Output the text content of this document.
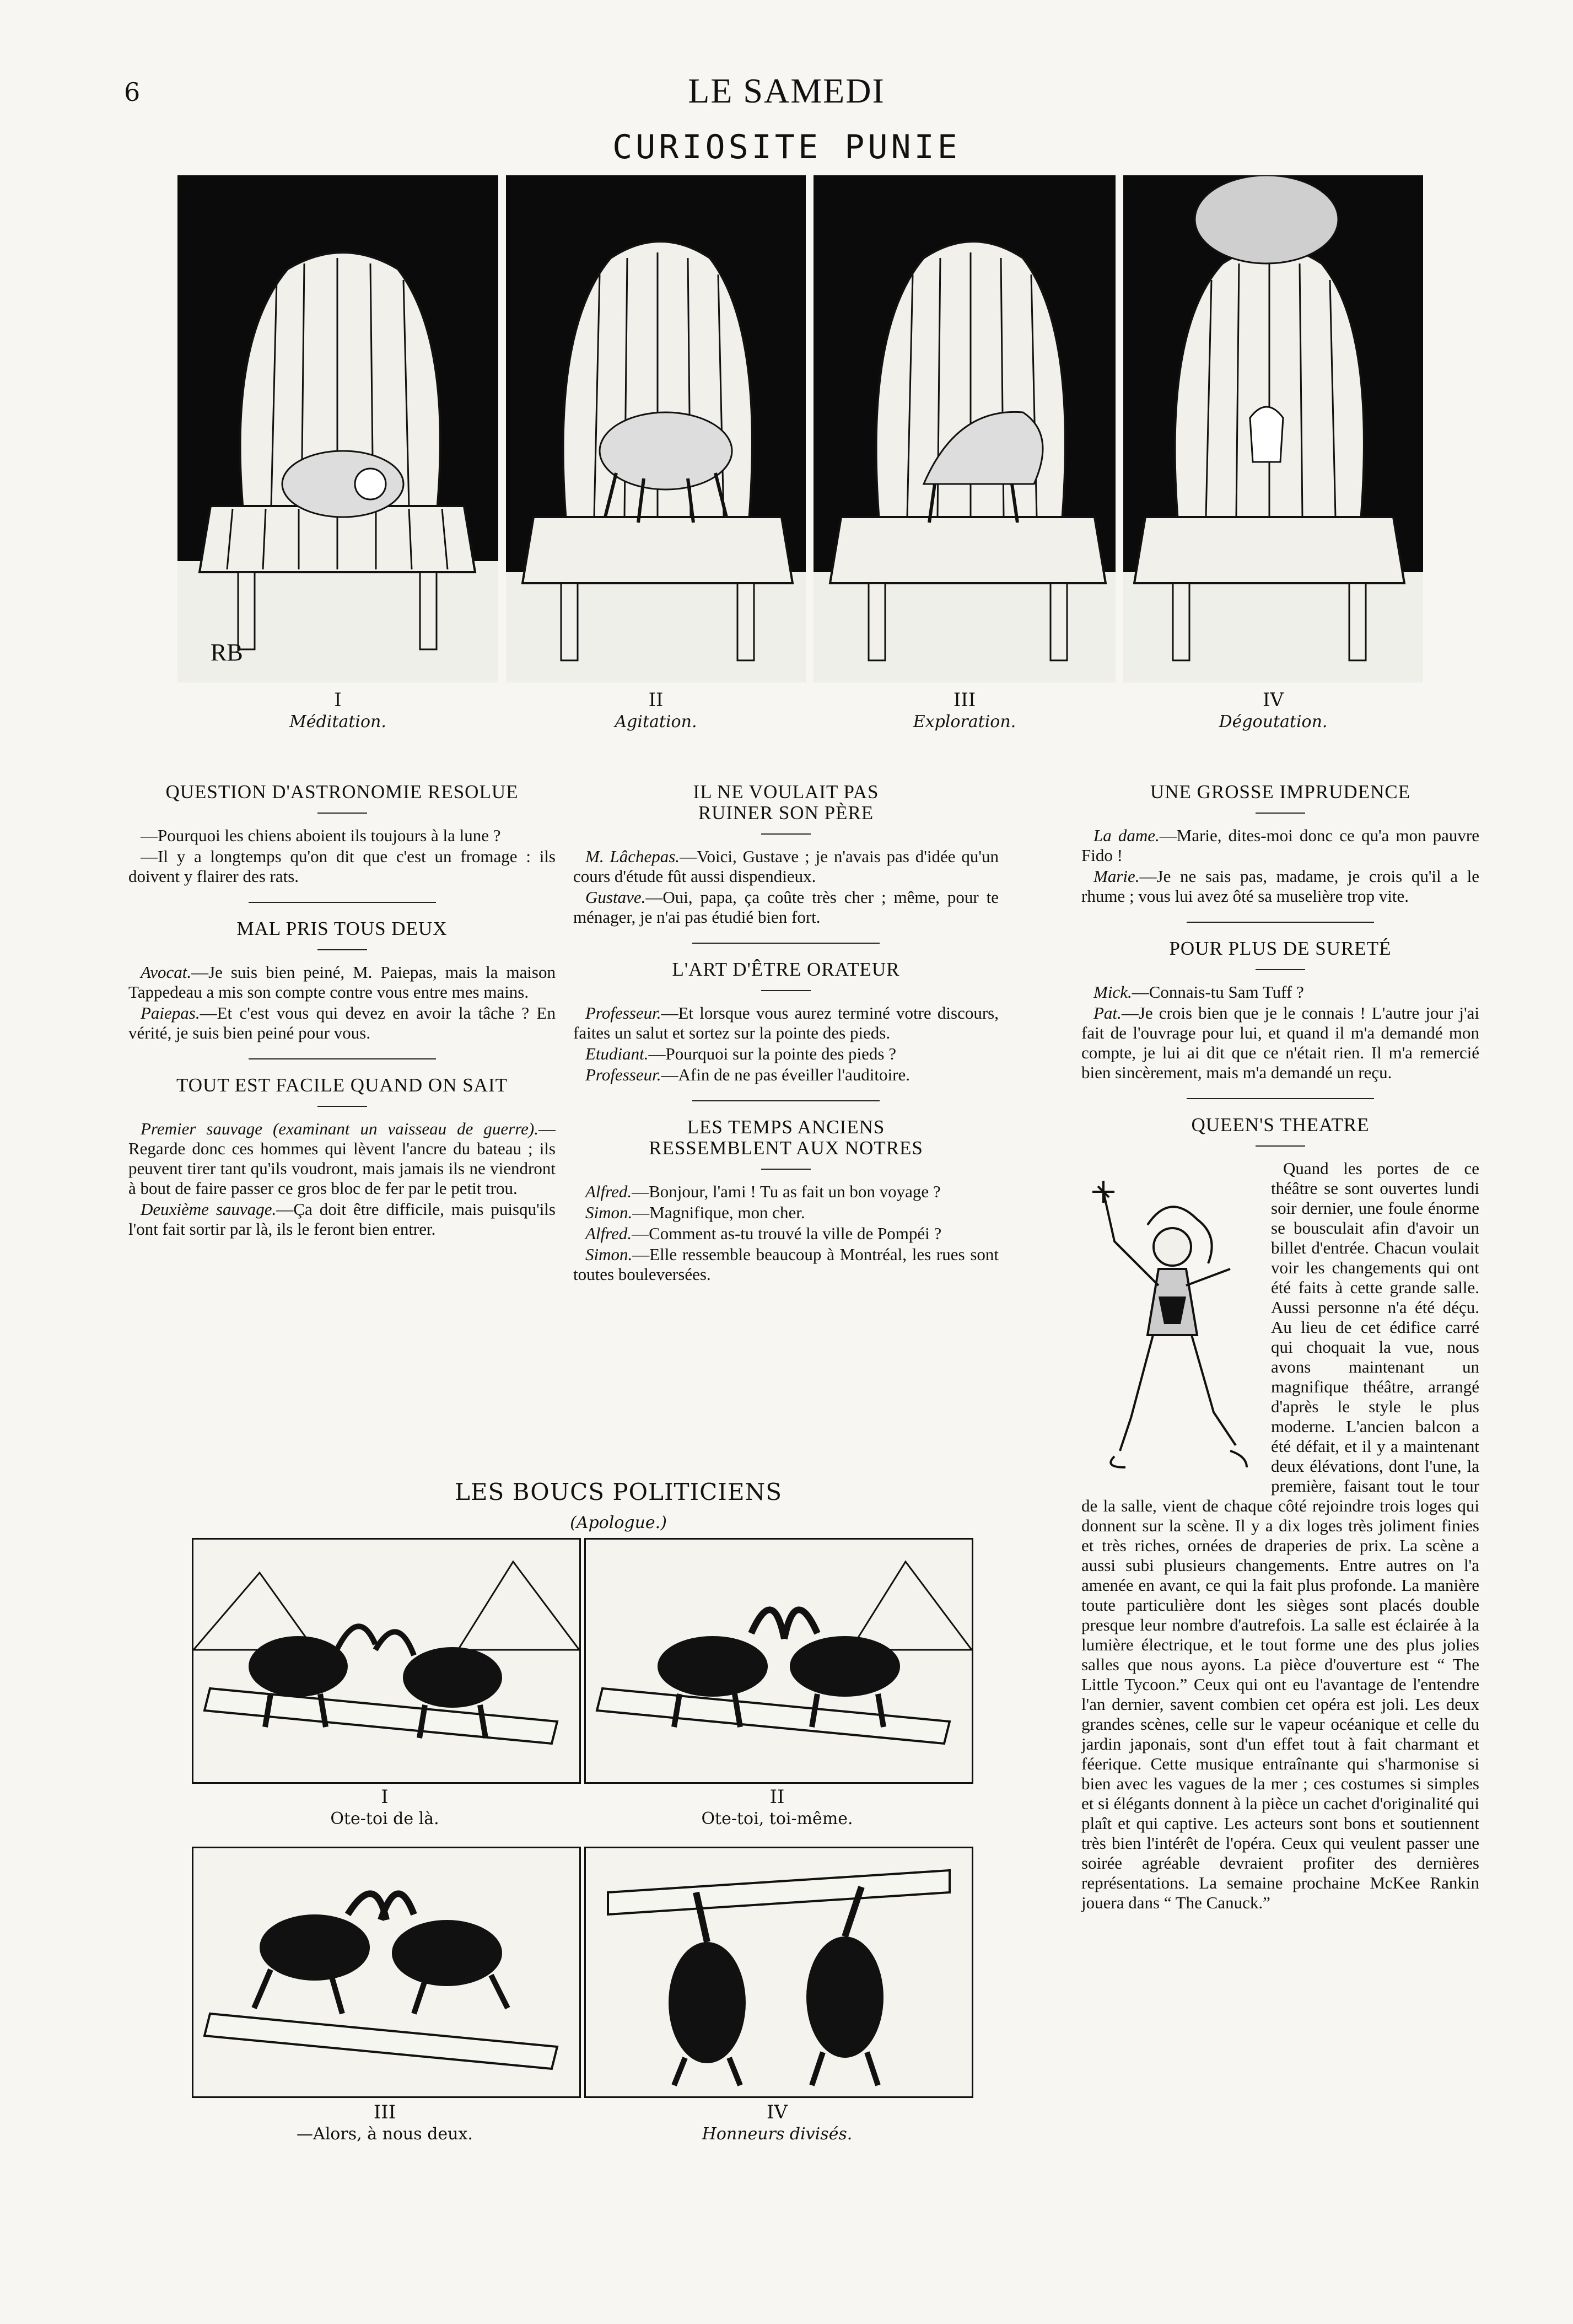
6	LE SAMEDI
CURIOSITE PUNIE
RB
I
Méditation.
II
Agitation.
III
Exploration.
IV
Dégoutation.
QUESTION D'ASTRONOMIE RESOLUE

—Pourquoi les chiens aboient ils toujours à la lune ?

—Il y a longtemps qu'on dit que c'est un fromage : ils doivent y flairer des rats.

MAL PRIS TOUS DEUX

Avocat.—Je suis bien peiné, M. Paiepas, mais la maison Tappedeau a mis son compte contre vous entre mes mains.

Paiepas.—Et c'est vous qui devez en avoir la tâche ? En vérité, je suis bien peiné pour vous.

TOUT EST FACILE QUAND ON SAIT

Premier sauvage (examinant un vaisseau de guerre).—Regarde donc ces hommes qui lèvent l'ancre du bateau ; ils peuvent tirer tant qu'ils voudront, mais jamais ils ne viendront à bout de faire passer ce gros bloc de fer par le petit trou.

Deuxième sauvage.—Ça doit être difficile, mais puisqu'ils l'ont fait sortir par là, ils le feront bien entrer.

IL NE VOULAIT PAS RUINER SON PÈRE

M. Lâchepas.—Voici, Gustave ; je n'avais pas d'idée qu'un cours d'étude fût aussi dispendieux.

Gustave.—Oui, papa, ça coûte très cher ; même, pour te ménager, je n'ai pas étudié bien fort.

L'ART D'ÊTRE ORATEUR

Professeur.—Et lorsque vous aurez terminé votre discours, faites un salut et sortez sur la pointe des pieds.

Etudiant.—Pourquoi sur la pointe des pieds ?

Professeur.—Afin de ne pas éveiller l'auditoire.

LES TEMPS ANCIENS RESSEMBLENT AUX NOTRES

Alfred.—Bonjour, l'ami ! Tu as fait un bon voyage ?

Simon.—Magnifique, mon cher.

Alfred.—Comment as-tu trouvé la ville de Pompéi ?

Simon.—Elle ressemble beaucoup à Montréal, les rues sont toutes bouleversées.

UNE GROSSE IMPRUDENCE

La dame.—Marie, dites-moi donc ce qu'a mon pauvre Fido !

Marie.—Je ne sais pas, madame, je crois qu'il a le rhume ; vous lui avez ôté sa muselière trop vite.

POUR PLUS DE SURETÉ

Mick.—Connais-tu Sam Tuff ?

Pat.—Je crois bien que je le connais ! L'autre jour j'ai fait de l'ouvrage pour lui, et quand il m'a demandé mon compte, je lui ai dit que ce n'était rien. Il m'a remercié bien sincèrement, mais m'a demandé un reçu.

QUEEN'S THEATRE
Quand les portes de ce théâtre se sont ouvertes lundi soir dernier, une foule énorme se bousculait afin d'avoir un billet d'entrée. Chacun voulait voir les changements qui ont été faits à cette grande salle. Aussi personne n'a été déçu. Au lieu de cet édifice carré qui choquait la vue, nous avons maintenant un magnifique théâtre, arrangé d'après le style le plus moderne. L'ancien balcon a été défait, et il y a maintenant deux élévations, dont l'une, la première, faisant tout le tour de la salle, vient de chaque côté rejoindre trois loges qui donnent sur la scène. Il y a dix loges très joliment finies et très riches, ornées de draperies de prix. La scène a aussi subi plusieurs changements. Entre autres on l'a amenée en avant, ce qui la fait plus profonde. La manière toute particulière dont les sièges sont placés double presque leur nombre d'autrefois. La salle est éclairée à la lumière électrique, et le tout forme une des plus jolies salles que nous ayons. La pièce d'ouverture est “ The Little Tycoon.” Ceux qui ont eu l'avantage de l'entendre l'an dernier, savent combien cet opéra est joli. Les deux grandes scènes, celle sur le vapeur océanique et celle du jardin japonais, sont d'un effet tout à fait charmant et féerique. Cette musique entraînante qui s'harmonise si bien avec les vagues de la mer ; ces costumes si simples et si élégants donnent à la pièce un cachet d'originalité qui plaît et qui captive. Les acteurs sont bons et soutiennent très bien l'intérêt de l'opéra. Ceux qui veulent passer une soirée agréable devraient profiter des dernières représentations. La semaine prochaine McKee Rankin jouera dans “ The Canuck.”
LES BOUCS POLITICIENS
(Apologue.)
I
Ote-toi de là.
II
Ote-toi, toi-même.
III
—Alors, à nous deux.
IV
Honneurs divisés.
